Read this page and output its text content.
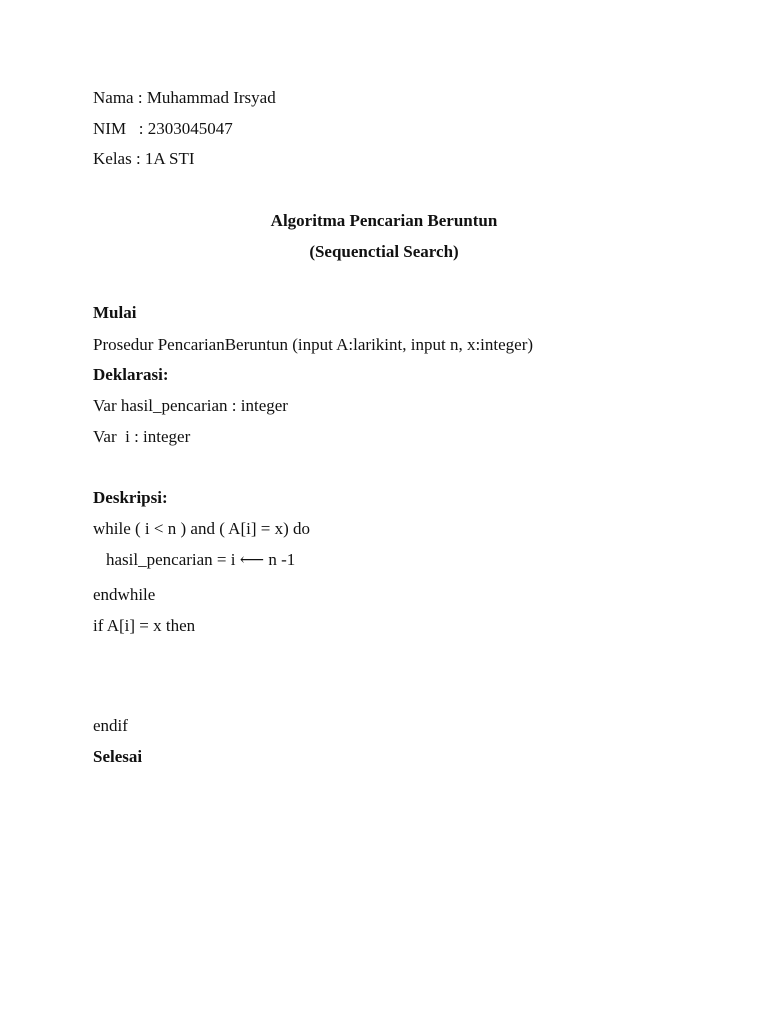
Nama : Muhammad Irsyad
NIM   : 2303045047
Kelas : 1A STI
Algoritma Pencarian Beruntun
(Sequenctial Search)
Mulai
Prosedur PencarianBeruntun (input A:larikint, input n, x:integer)
Deklarasi:
Var hasil_pencarian : integer
Var  i : integer
Deskripsi:
while ( i < n ) and ( A[i] = x) do
hasil_pencarian = i ⟵ n -1
endwhile
if A[i] = x then
endif
Selesai
